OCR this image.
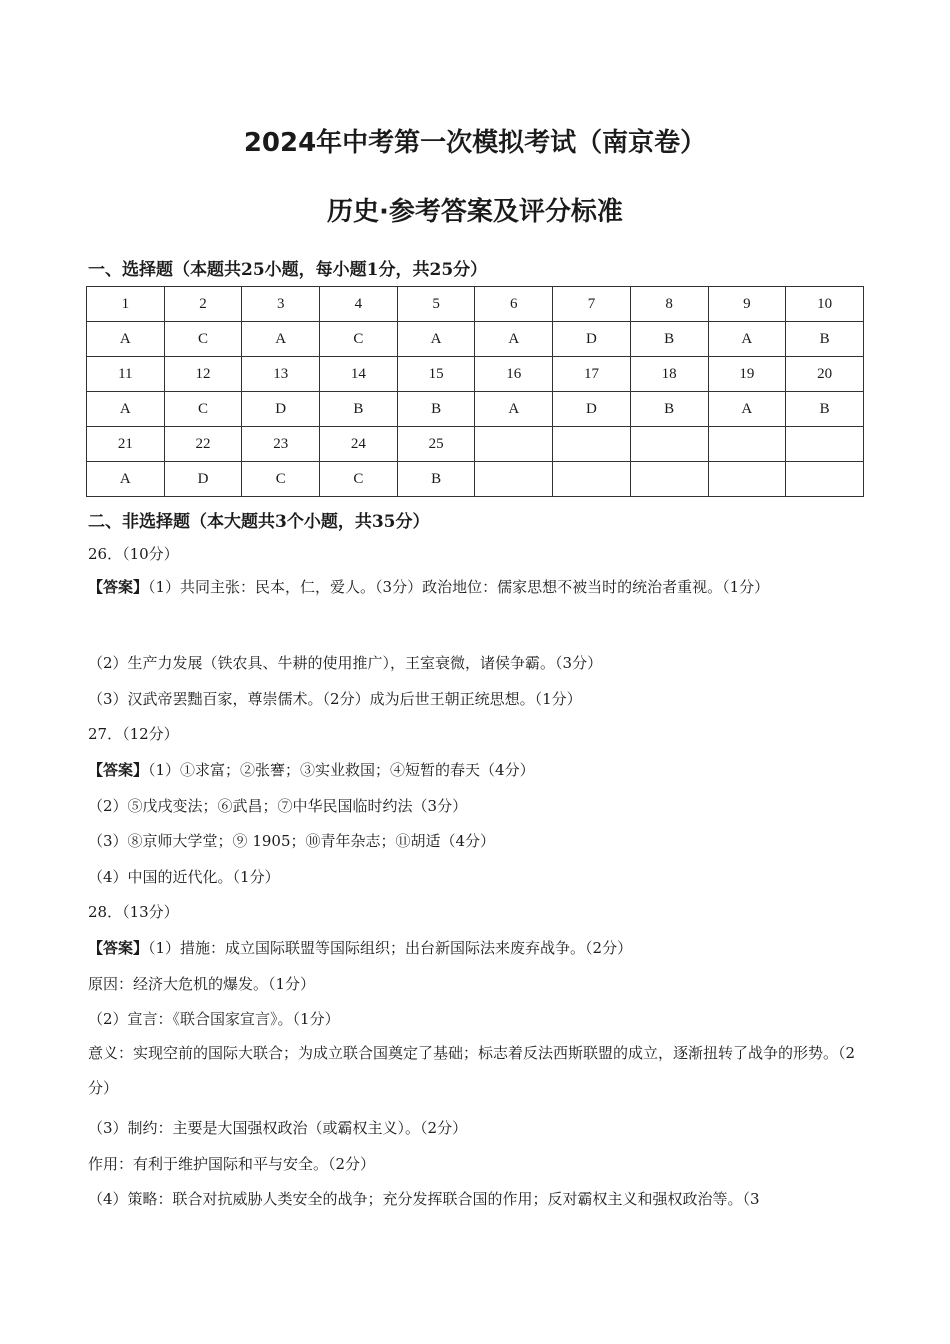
2024年中考第一次模拟考试（南京卷）
历史·参考答案及评分标准
一、选择题（本题共25小题，每小题1分，共25分）
1	2	3	4	5	6	7	8	9	10
A	C	A	C	A	A	D	B	A	B
11	12	13	14	15	16	17	18	19	20
A	C	D	B	B	A	D	B	A	B
21	22	23	24	25					
A	D	C	C	B					
二、非选择题（本大题共3个小题，共35分）
26．（10分）
【答案】（1）共同主张：民本，仁，爱人。（3分）政治地位：儒家思想不被当时的统治者重视。（1分）
（2）生产力发展（铁农具、牛耕的使用推广），王室衰微，诸侯争霸。（3分）
（3）汉武帝罢黜百家，尊崇儒术。（2分）成为后世王朝正统思想。（1分）
27．（12分）
【答案】（1）①求富；②张謇；③实业救国；④短暂的春天（4分）
（2）⑤戊戌变法；⑥武昌；⑦中华民国临时约法（3分）
（3）⑧京师大学堂；⑨ 1905；⑩青年杂志；⑪胡适（4分）
（4）中国的近代化。（1分）
28．（13分）
【答案】（1）措施：成立国际联盟等国际组织；出台新国际法来废弃战争。（2分）
原因：经济大危机的爆发。（1分）
（2）宣言：《联合国家宣言》。（1分）
意义：实现空前的国际大联合；为成立联合国奠定了基础；标志着反法西斯联盟的成立，逐渐扭转了战争的形势。（2分）
（3）制约：主要是大国强权政治（或霸权主义）。（2分）
作用：有利于维护国际和平与安全。（2分）
（4）策略：联合对抗威胁人类安全的战争；充分发挥联合国的作用；反对霸权主义和强权政治等。（3
